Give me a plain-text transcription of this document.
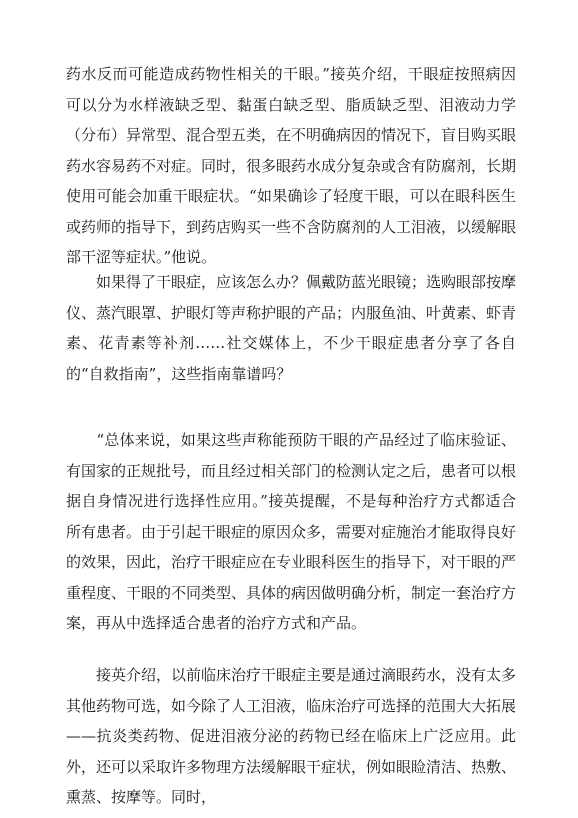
药水反而可能造成药物性相关的干眼。”接英介绍，干眼症按照病因可以分为水样液缺乏型、黏蛋白缺乏型、脂质缺乏型、泪液动力学（分布）异常型、混合型五类，在不明确病因的情况下，盲目购买眼药水容易药不对症。同时，很多眼药水成分复杂或含有防腐剂，长期使用可能会加重干眼症状。“如果确诊了轻度干眼，可以在眼科医生或药师的指导下，到药店购买一些不含防腐剂的人工泪液，以缓解眼部干涩等症状。”他说。

　　如果得了干眼症，应该怎么办？佩戴防蓝光眼镜；选购眼部按摩仪、蒸汽眼罩、护眼灯等声称护眼的产品；内服鱼油、叶黄素、虾青素、花青素等补剂……社交媒体上，不少干眼症患者分享了各自的“自救指南”，这些指南靠谱吗？

　　“总体来说，如果这些声称能预防干眼的产品经过了临床验证、有国家的正规批号，而且经过相关部门的检测认定之后，患者可以根据自身情况进行选择性应用。”接英提醒，不是每种治疗方式都适合所有患者。由于引起干眼症的原因众多，需要对症施治才能取得良好的效果，因此，治疗干眼症应在专业眼科医生的指导下，对干眼的严重程度、干眼的不同类型、具体的病因做明确分析，制定一套治疗方案，再从中选择适合患者的治疗方式和产品。

　　接英介绍，以前临床治疗干眼症主要是通过滴眼药水，没有太多其他药物可选，如今除了人工泪液，临床治疗可选择的范围大大拓展——抗炎类药物、促进泪液分泌的药物已经在临床上广泛应用。此外，还可以采取许多物理方法缓解眼干症状，例如眼睑清洁、热敷、熏蒸、按摩等。同时，
